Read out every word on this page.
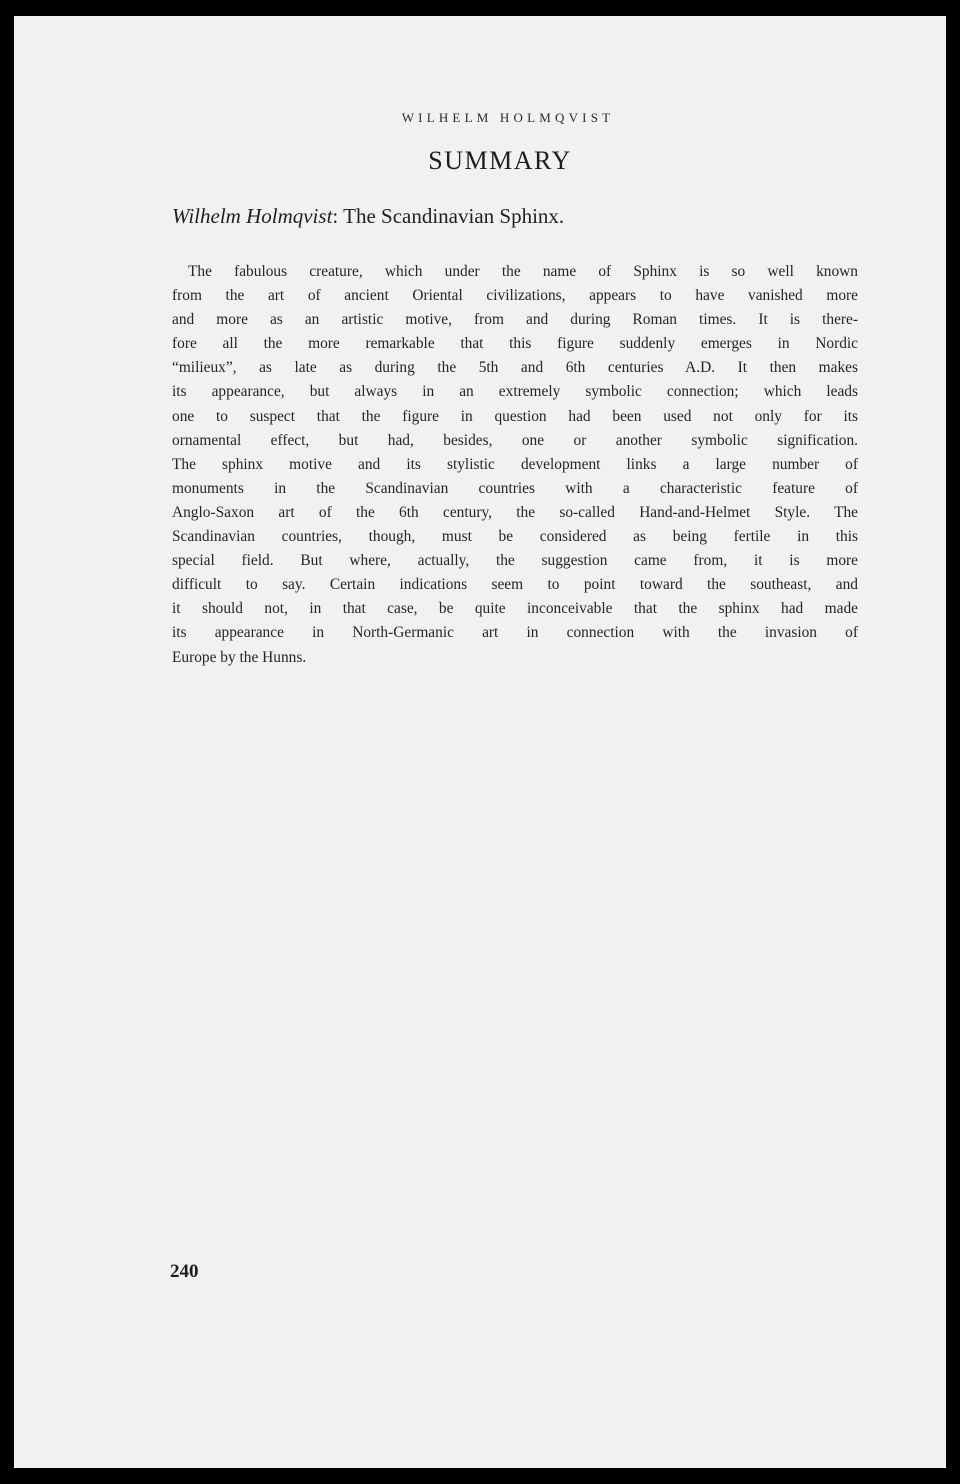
WILHELM HOLMQVIST
SUMMARY
Wilhelm Holmqvist: The Scandinavian Sphinx.

The fabulous creature, which under the name of Sphinx is so well known
from the art of ancient Oriental civilizations, appears to have vanished more
and more as an artistic motive, from and during Roman times. It is there-
fore all the more remarkable that this figure suddenly emerges in Nordic
“milieux”, as late as during the 5th and 6th centuries A.D. It then makes
its appearance, but always in an extremely symbolic connection; which leads
one to suspect that the figure in question had been used not only for its
ornamental effect, but had, besides, one or another symbolic signification.
The sphinx motive and its stylistic development links a large number of
monuments in the Scandinavian countries with a characteristic feature of
Anglo-Saxon art of the 6th century, the so-called Hand-and-Helmet Style. The
Scandinavian countries, though, must be considered as being fertile in this
special field. But where, actually, the suggestion came from, it is more
difficult to say. Certain indications seem to point toward the southeast, and
it should not, in that case, be quite inconceivable that the sphinx had made
its appearance in North-Germanic art in connection with the invasion of
Europe by the Hunns.

240
